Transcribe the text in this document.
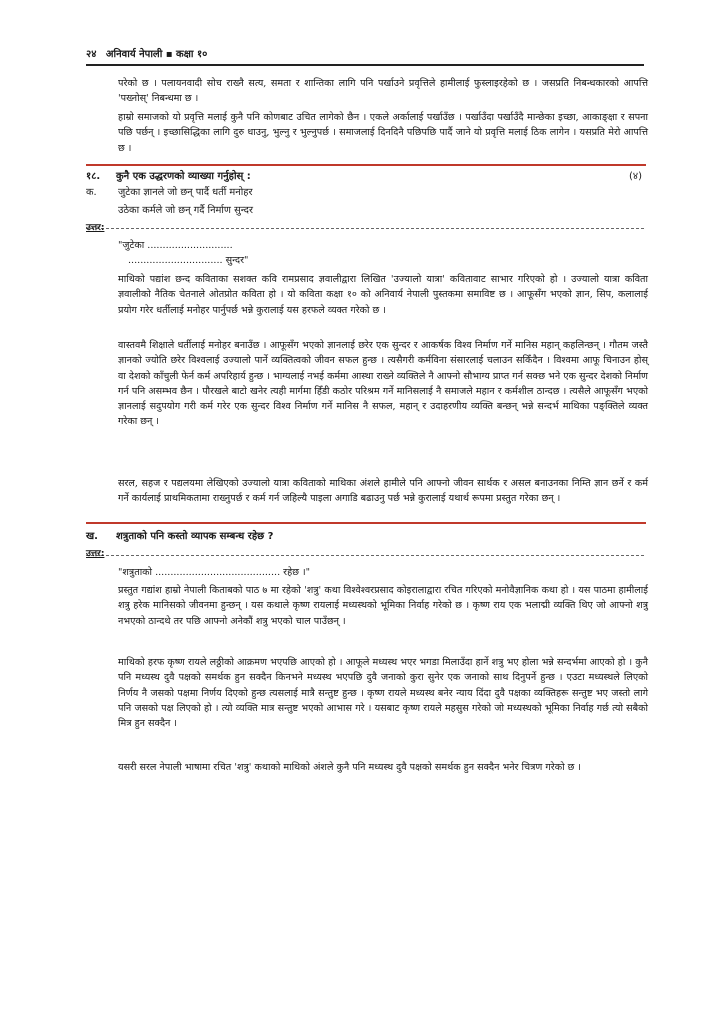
२४ अनिवार्य नेपाली ▪ कक्षा १०
परेको छ । पलायनवादी सोच राख्नै सत्य, समता र शान्तिका लागि पनि पर्खाउने प्रवृत्तिले हामीलाई फुस्लाइरहेको छ । जसप्रति निबन्धकारको आपत्ति 'पख्नोस्' निबन्धमा छ ।
हाम्रो समाजको यो प्रवृत्ति मलाई कुनै पनि कोणबाट उचित लागेको छैन । एकले अर्कालाई पर्खाउँछ । पर्खाउँदा पर्खाउँदै मान्छेका इच्छा, आकाङ्क्षा र सपना पछि पर्छन् । इच्छासिद्धिका लागि दुरु धाउनु, भुल्नु र भुल्नुपर्छ । समाजलाई दिनदिनै पछिपछि पार्दै जाने यो प्रवृत्ति मलाई ठिक लागेन । यसप्रति मेरो आपत्ति छ ।
१८.	कुनै एक उद्धरणको व्याख्या गर्नुहोस् :	(४)
क. जुटेका ज्ञानले जो छन् पार्दै धर्ती मनोहर
उठेका कर्मले जो छन् गर्दै निर्माण सुन्दर
उत्तर:
"जुटेका ............................
............................... सुन्दर"
माथिको पद्यांश छन्द कविताका सशक्त कवि रामप्रसाद ज्ञवालीद्वारा लिखित 'उज्यालो यात्रा' कवितावाट साभार गरिएको हो । उज्यालो यात्रा कविता ज्ञवालीको नैतिक चेतनाले ओतप्रोत कविता हो । यो कविता कक्षा १० को अनिवार्य नेपाली पुस्तकमा समाविष्ट छ । आफूसँग भएको ज्ञान, सिप, कलालाई प्रयोग गरेर धर्तीलाई मनोहर पार्नुपर्छ भन्ने कुरालाई यस हरफले व्यक्त गरेको छ ।
वास्तवमै शिक्षाले धर्तीलाई मनोहर बनाउँछ । आफूसँग भएको ज्ञानलाई छरेर एक सुन्दर र आकर्षक विश्व निर्माण गर्ने मानिस महान् कहलिन्छन् । गौतम जस्तै ज्ञानको ज्योति छरेर विश्वलाई उज्यालो पार्ने व्यक्तित्वको जीवन सफल हुन्छ । त्यसैगरी कर्मविना संसारलाई चलाउन सकिँदैन । विश्वमा आफू चिनाउन होस् वा देशको काँचुली फेर्न कर्म अपरिहार्य हुन्छ । भाग्यलाई नभई कर्ममा आस्था राख्ने व्यक्तिले नै आफ्नो सौभाग्य प्राप्त गर्न सक्छ भने एक सुन्दर देशको निर्माण गर्न पनि असम्भव छैन । पौरखले बाटो खनेर त्यही मार्गमा हिँडी कठोर परिश्रम गर्ने मानिसलाई नै समाजले महान र कर्मशील ठान्दछ । त्यसैले आफूसँग भएको ज्ञानलाई सदुपयोग गरी कर्म गरेर एक सुन्दर विश्व निर्माण गर्ने मानिस नै सफल, महान् र उदाहरणीय व्यक्ति बन्छन् भन्ने सन्दर्भ माथिका पङ्क्तिले व्यक्त गरेका छन् ।
सरल, सहज र पद्यलयमा लेखिएको उज्यालो यात्रा कविताको माथिका अंशले हामीले पनि आफ्नो जीवन सार्थक र असल बनाउनका निम्ति ज्ञान छर्ने र कर्म गर्ने कार्यलाई प्राथमिकतामा राख्नुपर्छ र कर्म गर्न जहिल्यै पाइला अगाडि बढाउनु पर्छ भन्ने कुरालाई यथार्थ रूपमा प्रस्तुत गरेका छन् ।
ख.	शत्रुताको पनि कस्तो व्यापक सम्बन्ध रहेछ ?
उत्तर:
"शत्रुताको ......................................... रहेछ ।"
प्रस्तुत गद्यांश हाम्रो नेपाली किताबको पाठ ७ मा रहेको 'शत्रु' कथा विश्वेश्वरप्रसाद कोइरालाद्वारा रचित गरिएको मनोवैज्ञानिक कथा हो । यस पाठमा हामीलाई शत्रु हरेक मानिसको जीवनमा हुन्छन् । यस कथाले कृष्ण रायलाई मध्यस्थको भूमिका निर्वाह गरेको छ । कृष्ण राय एक भलाद्मी व्यक्ति थिए जो आफ्नो शत्रु नभएको ठान्दथे तर पछि आफ्नो अनेकौं शत्रु भएको चाल पाउँछन् ।
माथिको हरफ कृष्ण रायले लठ्ठीको आक्रमण भएपछि आएको हो । आफूले मध्यस्थ भएर भगडा मिलाउँदा हार्ने शत्रु भए होला भन्ने सन्दर्भमा आएको हो । कुनै पनि मध्यस्थ दुवै पक्षको समर्थक हुन सक्दैन किनभने मध्यस्थ भएपछि दुवै जनाको कुरा सुनेर एक जनाको साथ दिनुपर्ने हुन्छ । एउटा मध्यस्थले लिएको निर्णय नै जसको पक्षमा निर्णय दिएको हुन्छ त्यसलाई मात्रै सन्तुष्ट हुन्छ । कृष्ण रायले मध्यस्थ बनेर न्याय दिंदा दुवै पक्षका व्यक्तिहरू सन्तुष्ट भए जस्तो लागे पनि जसको पक्ष लिएको हो । त्यो व्यक्ति मात्र सन्तुष्ट भएको आभास गरे । यसबाट कृष्ण रायले महसुस गरेको जो मध्यस्थको भूमिका निर्वाह गर्छ त्यो सबैको मित्र हुन सक्दैन ।
यसरी सरल नेपाली भाषामा रचित 'शत्रु' कथाको माथिको अंशले कुनै पनि मध्यस्थ दुवै पक्षको समर्थक हुन सक्दैन भनेर चित्रण गरेको छ ।
